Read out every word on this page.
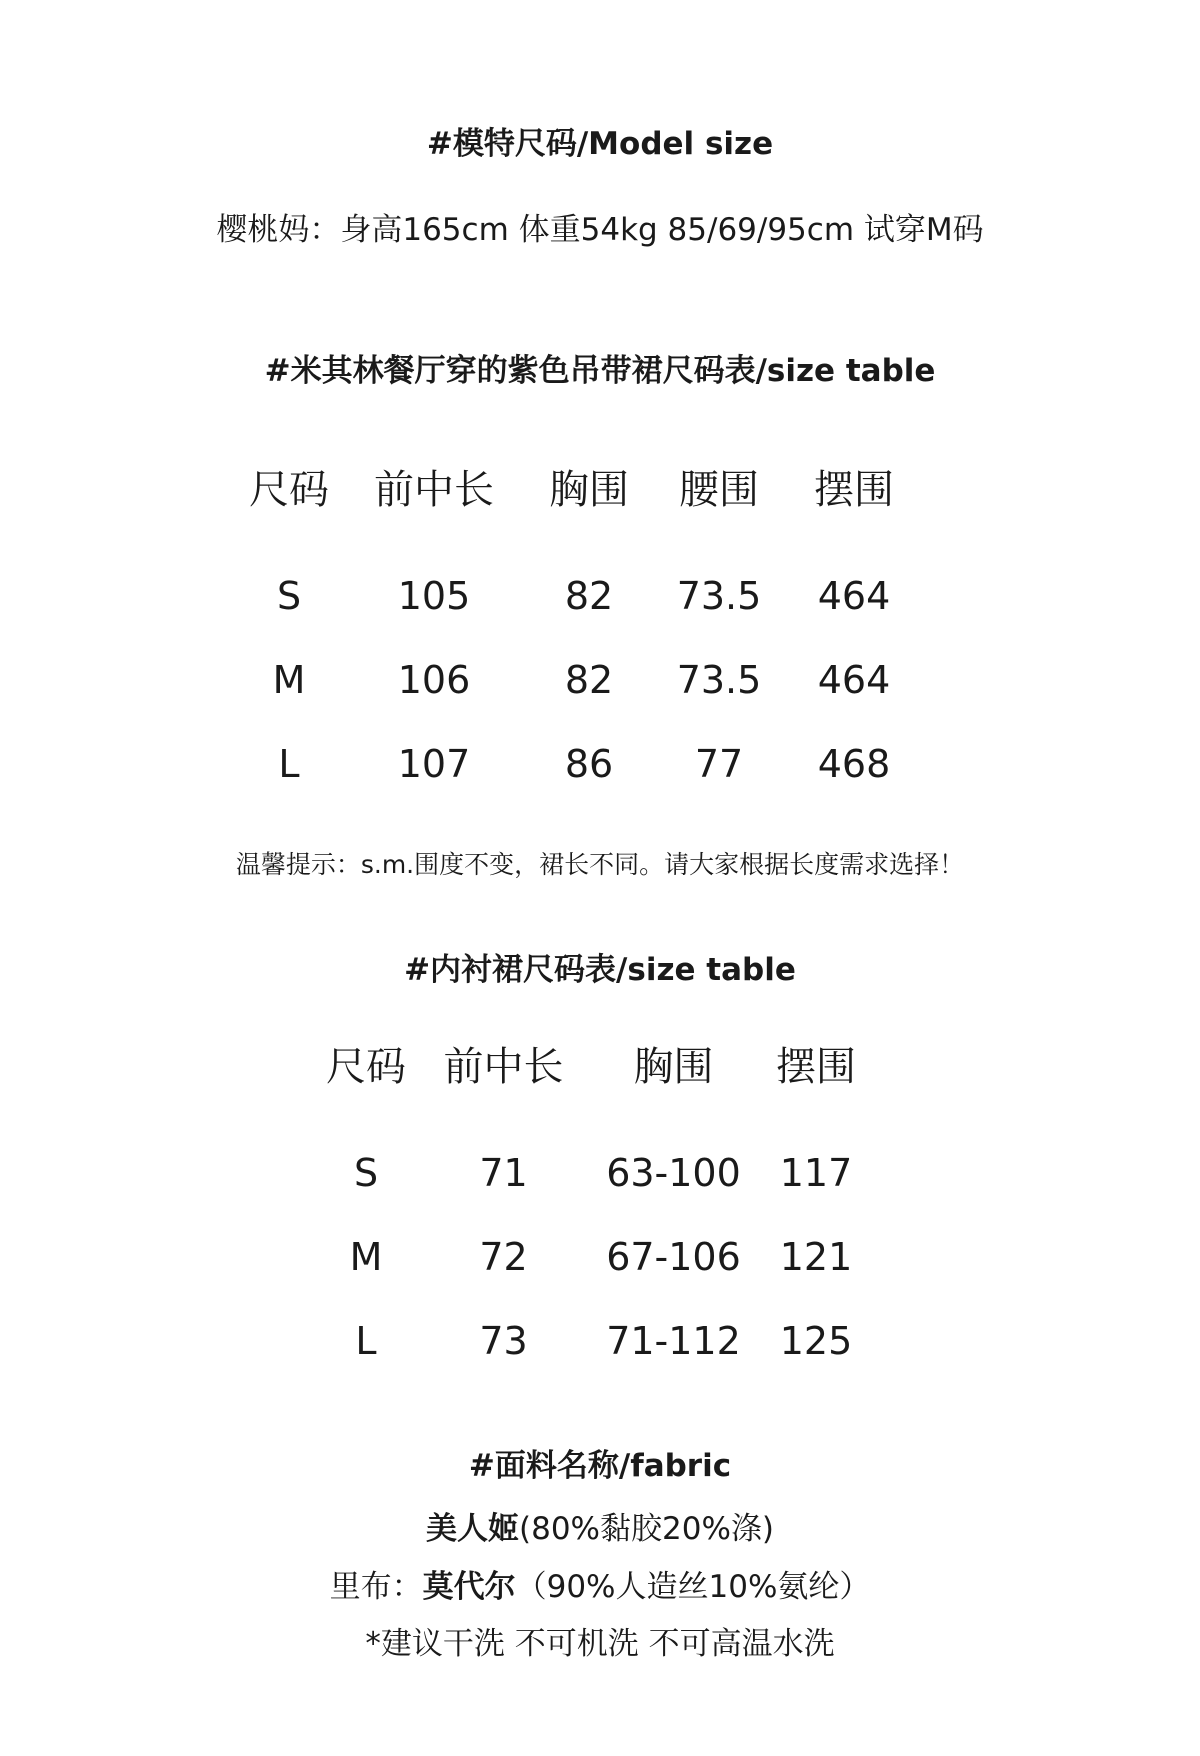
#模特尺码/Model size
樱桃妈：身高165cm 体重54kg 85/69/95cm 试穿M码
#米其林餐厅穿的紫色吊带裙尺码表/size table
尺码	前中长	胸围	腰围	摆围

S	105	82	73.5	464
M	106	82	73.5	464
L	107	86	77	468
温馨提示：s.m.围度不变，裙长不同。请大家根据长度需求选择！
#内衬裙尺码表/size table
尺码	前中长	胸围	摆围

S	71	63-100	117
M	72	67-106	121
L	73	71-112	125
#面料名称/fabric
美人姬(80%黏胶20%涤)
里布：莫代尔（90%人造丝10%氨纶）
*建议干洗 不可机洗 不可高温水洗
